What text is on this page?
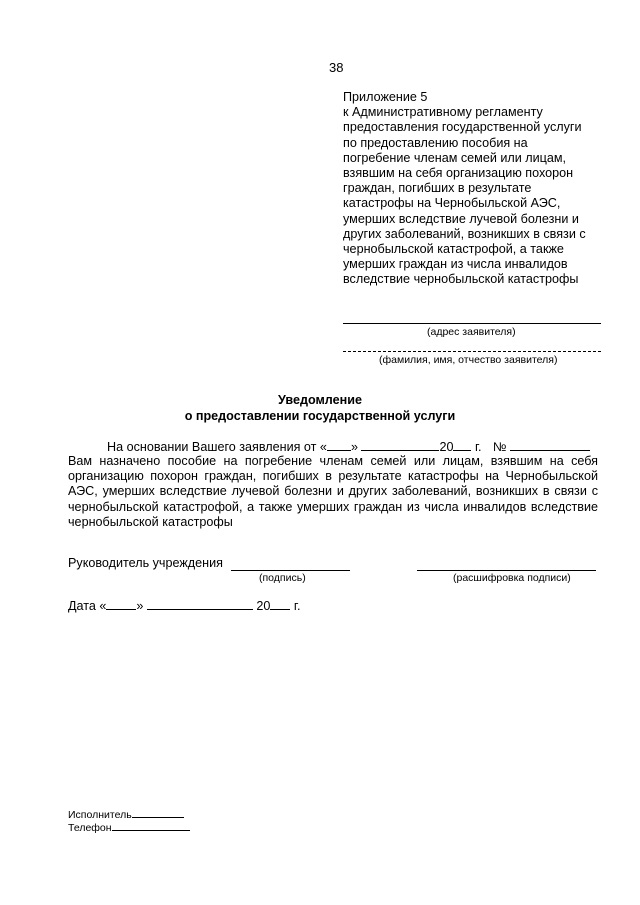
38
Приложение 5
к Административному регламенту
предоставления государственной услуги
по предоставлению пособия на
погребение членам семей или лицам,
взявшим на себя организацию похорон
граждан, погибших в результате
катастрофы на Чернобыльской АЭС,
умерших вследствие лучевой болезни и
других заболеваний, возникших в связи с
чернобыльской катастрофой, а также
умерших граждан из числа инвалидов
вследствие чернобыльской катастрофы
(адрес заявителя)
(фамилия, имя, отчество заявителя)
Уведомление
о предоставлении государственной услуги
На основании Вашего заявления от « »	20 г. №
Вам назначено пособие на погребение членам семей или лицам, взявшим на себя
организацию похорон граждан, погибших в результате катастрофы на Чернобыльской
АЭС, умерших вследствие лучевой болезни и других заболеваний, возникших в связи с
чернобыльской катастрофой, а также умерших граждан из числа инвалидов вследствие
чернобыльской катастрофы
Руководитель учреждения
(подпись)	(расшифровка подписи)
Дата « »	20 г.
Исполнитель
Телефон
